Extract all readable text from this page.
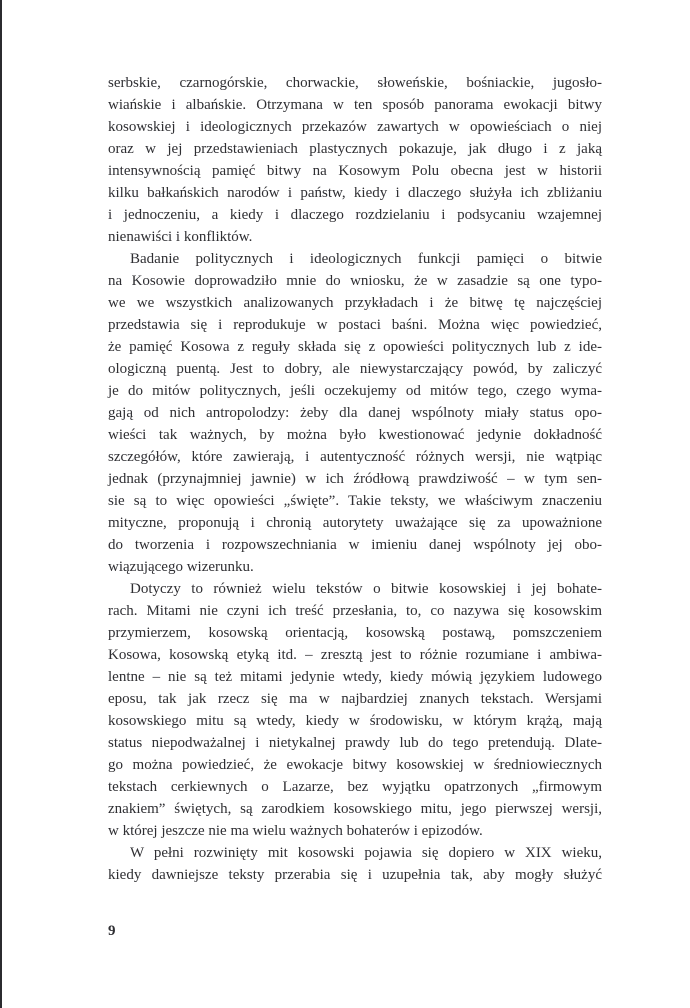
serbskie, czarnogórskie, chorwackie, słoweńskie, bośniackie, jugosło-
wiańskie i albańskie. Otrzymana w ten sposób panorama ewokacji bitwy
kosowskiej i ideologicznych przekazów zawartych w opowieściach o niej
oraz w jej przedstawieniach plastycznych pokazuje, jak długo i z jaką
intensywnością pamięć bitwy na Kosowym Polu obecna jest w historii
kilku bałkańskich narodów i państw, kiedy i dlaczego służyła ich zbliżaniu
i jednoczeniu, a kiedy i dlaczego rozdzielaniu i podsycaniu wzajemnej
nienawiści i konfliktów.
Badanie politycznych i ideologicznych funkcji pamięci o bitwie
na Kosowie doprowadziło mnie do wniosku, że w zasadzie są one typo-
we we wszystkich analizowanych przykładach i że bitwę tę najczęściej
przedstawia się i reprodukuje w postaci baśni. Można więc powiedzieć,
że pamięć Kosowa z reguły składa się z opowieści politycznych lub z ide-
ologiczną puentą. Jest to dobry, ale niewystarczający powód, by zaliczyć
je do mitów politycznych, jeśli oczekujemy od mitów tego, czego wyma-
gają od nich antropolodzy: żeby dla danej wspólnoty miały status opo-
wieści tak ważnych, by można było kwestionować jedynie dokładność
szczegółów, które zawierają, i autentyczność różnych wersji, nie wątpiąc
jednak (przynajmniej jawnie) w ich źródłową prawdziwość – w tym sen-
sie są to więc opowieści „święte”. Takie teksty, we właściwym znaczeniu
mityczne, proponują i chronią autorytety uważające się za upoważnione
do tworzenia i rozpowszechniania w imieniu danej wspólnoty jej obo-
wiązującego wizerunku.
Dotyczy to również wielu tekstów o bitwie kosowskiej i jej bohate-
rach. Mitami nie czyni ich treść przesłania, to, co nazywa się kosowskim
przymierzem, kosowską orientacją, kosowską postawą, pomszczeniem
Kosowa, kosowską etyką itd. – zresztą jest to różnie rozumiane i ambiwa-
lentne – nie są też mitami jedynie wtedy, kiedy mówią językiem ludowego
eposu, tak jak rzecz się ma w najbardziej znanych tekstach. Wersjami
kosowskiego mitu są wtedy, kiedy w środowisku, w którym krążą, mają
status niepodważalnej i nietykalnej prawdy lub do tego pretendują. Dlate-
go można powiedzieć, że ewokacje bitwy kosowskiej w średniowiecznych
tekstach cerkiewnych o Lazarze, bez wyjątku opatrzonych „firmowym
znakiem” świętych, są zarodkiem kosowskiego mitu, jego pierwszej wersji,
w której jeszcze nie ma wielu ważnych bohaterów i epizodów.
W pełni rozwinięty mit kosowski pojawia się dopiero w XIX wieku,
kiedy dawniejsze teksty przerabia się i uzupełnia tak, aby mogły służyć
9
